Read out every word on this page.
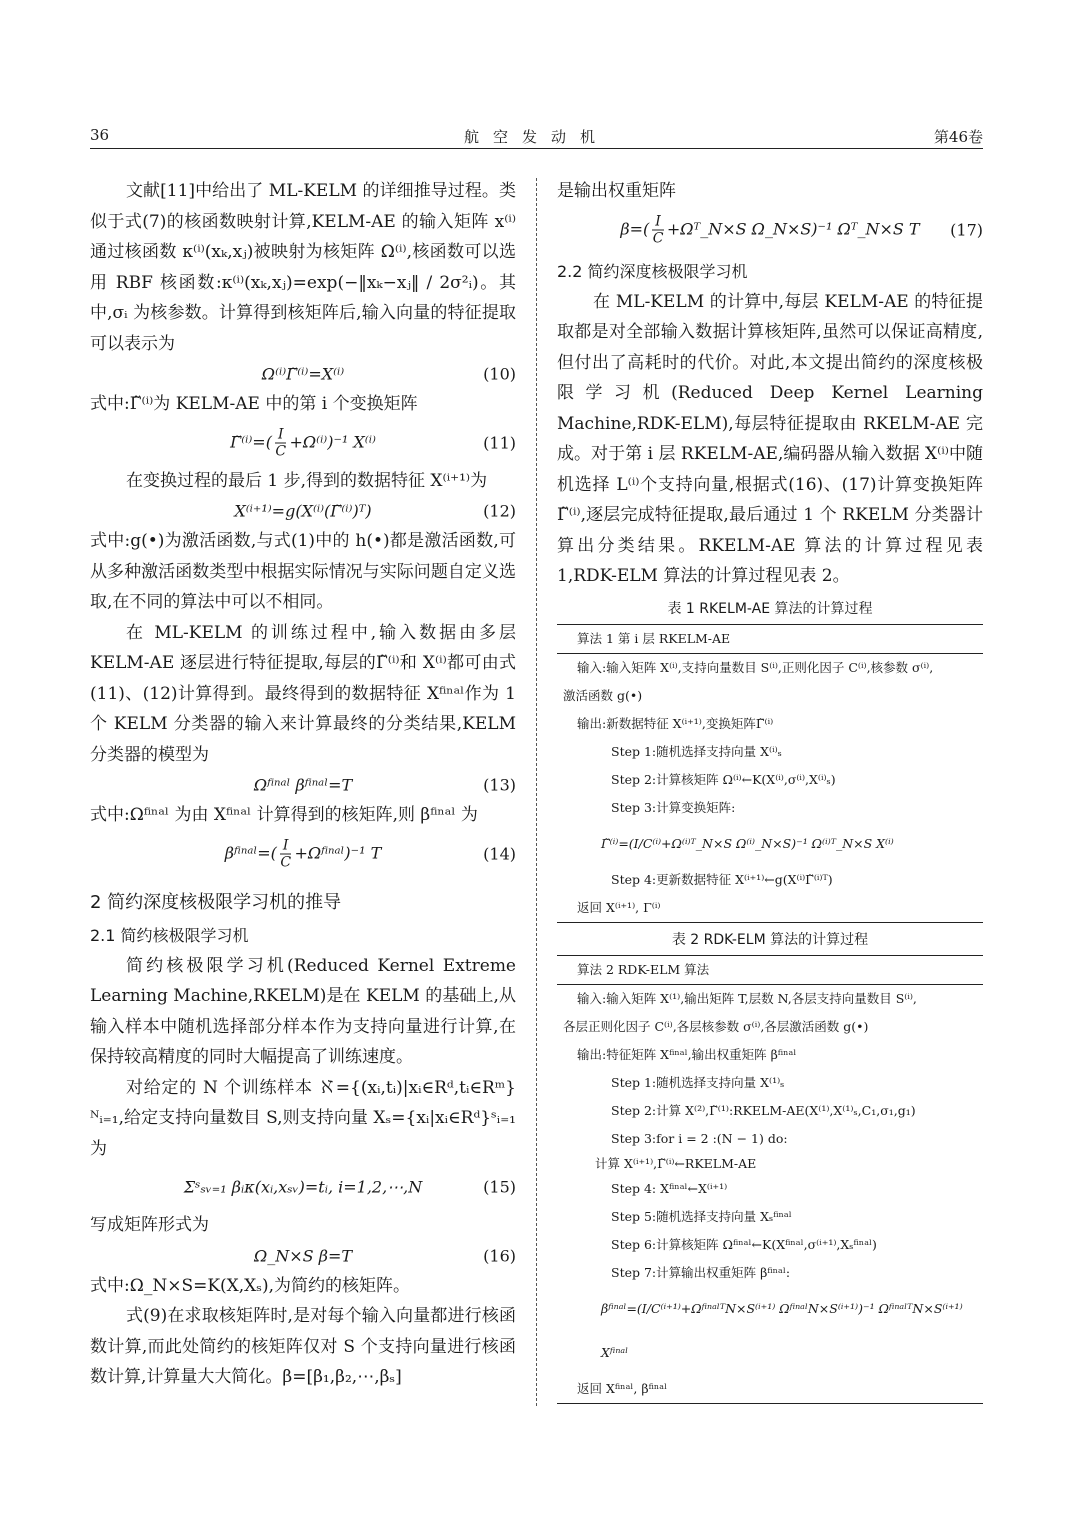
36	航空发动机	第46卷

文献[11]中给出了 ML-KELM 的详细推导过程。类似于式(7)的核函数映射计算,KELM-AE 的输入矩阵 x⁽ⁱ⁾通过核函数 κ⁽ⁱ⁾(xₖ,xⱼ)被映射为核矩阵 Ω⁽ⁱ⁾,核函数可以选用 RBF 核函数:κ⁽ⁱ⁾(xₖ,xⱼ)=exp(−‖xₖ−xⱼ‖ / 2σ²ᵢ)。其中,σᵢ 为核参数。计算得到核矩阵后,输入向量的特征提取可以表示为

Ω⁽ⁱ⁾Γ̃⁽ⁱ⁾=X⁽ⁱ⁾	(10)

式中:Γ̃⁽ⁱ⁾为 KELM-AE 中的第 i 个变换矩阵

Γ̃⁽ⁱ⁾=( $\frac{I}{C} +\Omega^{(i)})^{-1}$ X⁽ⁱ⁾	(11)

在变换过程的最后 1 步,得到的数据特征 X⁽ⁱ⁺¹⁾为

X⁽ⁱ⁺¹⁾=g(X⁽ⁱ⁾(Γ̃⁽ⁱ⁾)ᵀ)	(12)

式中:g(•)为激活函数,与式(1)中的 h(•)都是激活函数,可从多种激活函数类型中根据实际情况与实际问题自定义选取,在不同的算法中可以不相同。

在 ML-KELM 的训练过程中,输入数据由多层 KELM-AE 逐层进行特征提取,每层的Γ̃⁽ⁱ⁾和 X⁽ⁱ⁾都可由式(11)、(12)计算得到。最终得到的数据特征 Xᶠⁱⁿᵃˡ作为 1 个 KELM 分类器的输入来计算最终的分类结果,KELM 分类器的模型为

Ωᶠⁱⁿᵃˡ βᶠⁱⁿᵃˡ=T	(13)

式中:Ωᶠⁱⁿᵃˡ 为由 Xᶠⁱⁿᵃˡ 计算得到的核矩阵,则 βᶠⁱⁿᵃˡ 为

βᶠⁱⁿᵃˡ=( $\frac{I}{C}$ +Ωᶠⁱⁿᵃˡ)⁻¹ T	(14)
2 简约深度核极限学习机的推导
2.1 简约核极限学习机

简约核极限学习机(Reduced Kernel Extreme Learning Machine,RKELM)是在 KELM 的基础上,从输入样本中随机选择部分样本作为支持向量进行计算,在保持较高精度的同时大幅提高了训练速度。

对给定的 N 个训练样本 ℵ={(xᵢ,tᵢ)|xᵢ∈Rᵈ,tᵢ∈Rᵐ}ᴺᵢ₌₁,给定支持向量数目 S,则支持向量 Xₛ={xᵢ|xᵢ∈Rᵈ}ˢᵢ₌₁ 为

Σˢₛᵥ₌₁ βᵢκ(xᵢ,xₛᵥ)=tᵢ, i=1,2,⋯,N	(15)

写成矩阵形式为

Ω_N×S β=T	(16)

式中:Ω_N×S=K(X,Xₛ),为简约的核矩阵。

式(9)在求取核矩阵时,是对每个输入向量都进行核函数计算,而此处简约的核矩阵仅对 S 个支持向量进行核函数计算,计算量大大简化。β=[β₁,β₂,⋯,βₛ]

是输出权重矩阵

$\beta=( \frac{I}{C}$ +Ωᵀ_N×S Ω_N×S)⁻¹ Ωᵀ_N×S T	(17)
2.2 简约深度核极限学习机

在 ML-KELM 的计算中,每层 KELM-AE 的特征提取都是对全部输入数据计算核矩阵,虽然可以保证高精度,但付出了高耗时的代价。对此,本文提出简约的深度核极限学习机(Reduced Deep Kernel Learning Machine,RDK-ELM),每层特征提取由 RKELM-AE 完成。对于第 i 层 RKELM-AE,编码器从输入数据 X⁽ⁱ⁾中随机选择 L⁽ⁱ⁾个支持向量,根据式(16)、(17)计算变换矩阵Γ̃⁽ⁱ⁾,逐层完成特征提取,最后通过 1 个 RKELM 分类器计算出分类结果。RKELM-AE 算法的计算过程见表 1,RDK-ELM 算法的计算过程见表 2。

表 1 RKELM-AE 算法的计算过程
算法 1 第 i 层 RKELM-AE
输入:输入矩阵 X⁽ⁱ⁾,支持向量数目 S⁽ⁱ⁾,正则化因子 C⁽ⁱ⁾,核参数 σ⁽ⁱ⁾,
激活函数 g(•)
输出:新数据特征 X⁽ⁱ⁺¹⁾,变换矩阵Γ̃⁽ⁱ⁾
Step 1:随机选择支持向量 X⁽ⁱ⁾ₛ
Step 2:计算核矩阵 Ω⁽ⁱ⁾←K(X⁽ⁱ⁾,σ⁽ⁱ⁾,X⁽ⁱ⁾ₛ)
Step 3:计算变换矩阵:
Γ̃⁽ⁱ⁾=(I/C⁽ⁱ⁾+Ω⁽ⁱ⁾ᵀ_N×S Ω⁽ⁱ⁾_N×S)⁻¹ Ω⁽ⁱ⁾ᵀ_N×S X⁽ⁱ⁾
Step 4:更新数据特征 X⁽ⁱ⁺¹⁾←g(X⁽ⁱ⁾Γ̃⁽ⁱ⁾ᵀ)
返回 X⁽ⁱ⁺¹⁾, Γ⁽ⁱ⁾
表 2 RDK-ELM 算法的计算过程
算法 2 RDK-ELM 算法
输入:输入矩阵 X⁽¹⁾,输出矩阵 T,层数 N,各层支持向量数目 S⁽ⁱ⁾,
各层正则化因子 C⁽ⁱ⁾,各层核参数 σ⁽ⁱ⁾,各层激活函数 g(•)
输出:特征矩阵 Xᶠⁱⁿᵃˡ,输出权重矩阵 βᶠⁱⁿᵃˡ
Step 1:随机选择支持向量 X⁽¹⁾ₛ
Step 2:计算 X⁽²⁾,Γ̃⁽¹⁾:RKELM-AE(X⁽¹⁾,X⁽¹⁾ₛ,C₁,σ₁,g₁)
Step 3:for i = 2 :(N − 1) do:
计算 X⁽ⁱ⁺¹⁾,Γ̃⁽ⁱ⁾←RKELM-AE
Step 4: Xᶠⁱⁿᵃˡ←X⁽ⁱ⁺¹⁾
Step 5:随机选择支持向量 Xₛᶠⁱⁿᵃˡ
Step 6:计算核矩阵 Ωᶠⁱⁿᵃˡ←K(Xᶠⁱⁿᵃˡ,σ⁽ⁱ⁺¹⁾,Xₛᶠⁱⁿᵃˡ)
Step 7:计算输出权重矩阵 βᶠⁱⁿᵃˡ:
βᶠⁱⁿᵃˡ=(I/C⁽ⁱ⁺¹⁾+ΩᶠⁱⁿᵃˡᵀN×S⁽ⁱ⁺¹⁾ ΩᶠⁱⁿᵃˡN×S⁽ⁱ⁺¹⁾)⁻¹ ΩᶠⁱⁿᵃˡᵀN×S⁽ⁱ⁺¹⁾ Xᶠⁱⁿᵃˡ
返回 Xᶠⁱⁿᵃˡ, βᶠⁱⁿᵃˡ
